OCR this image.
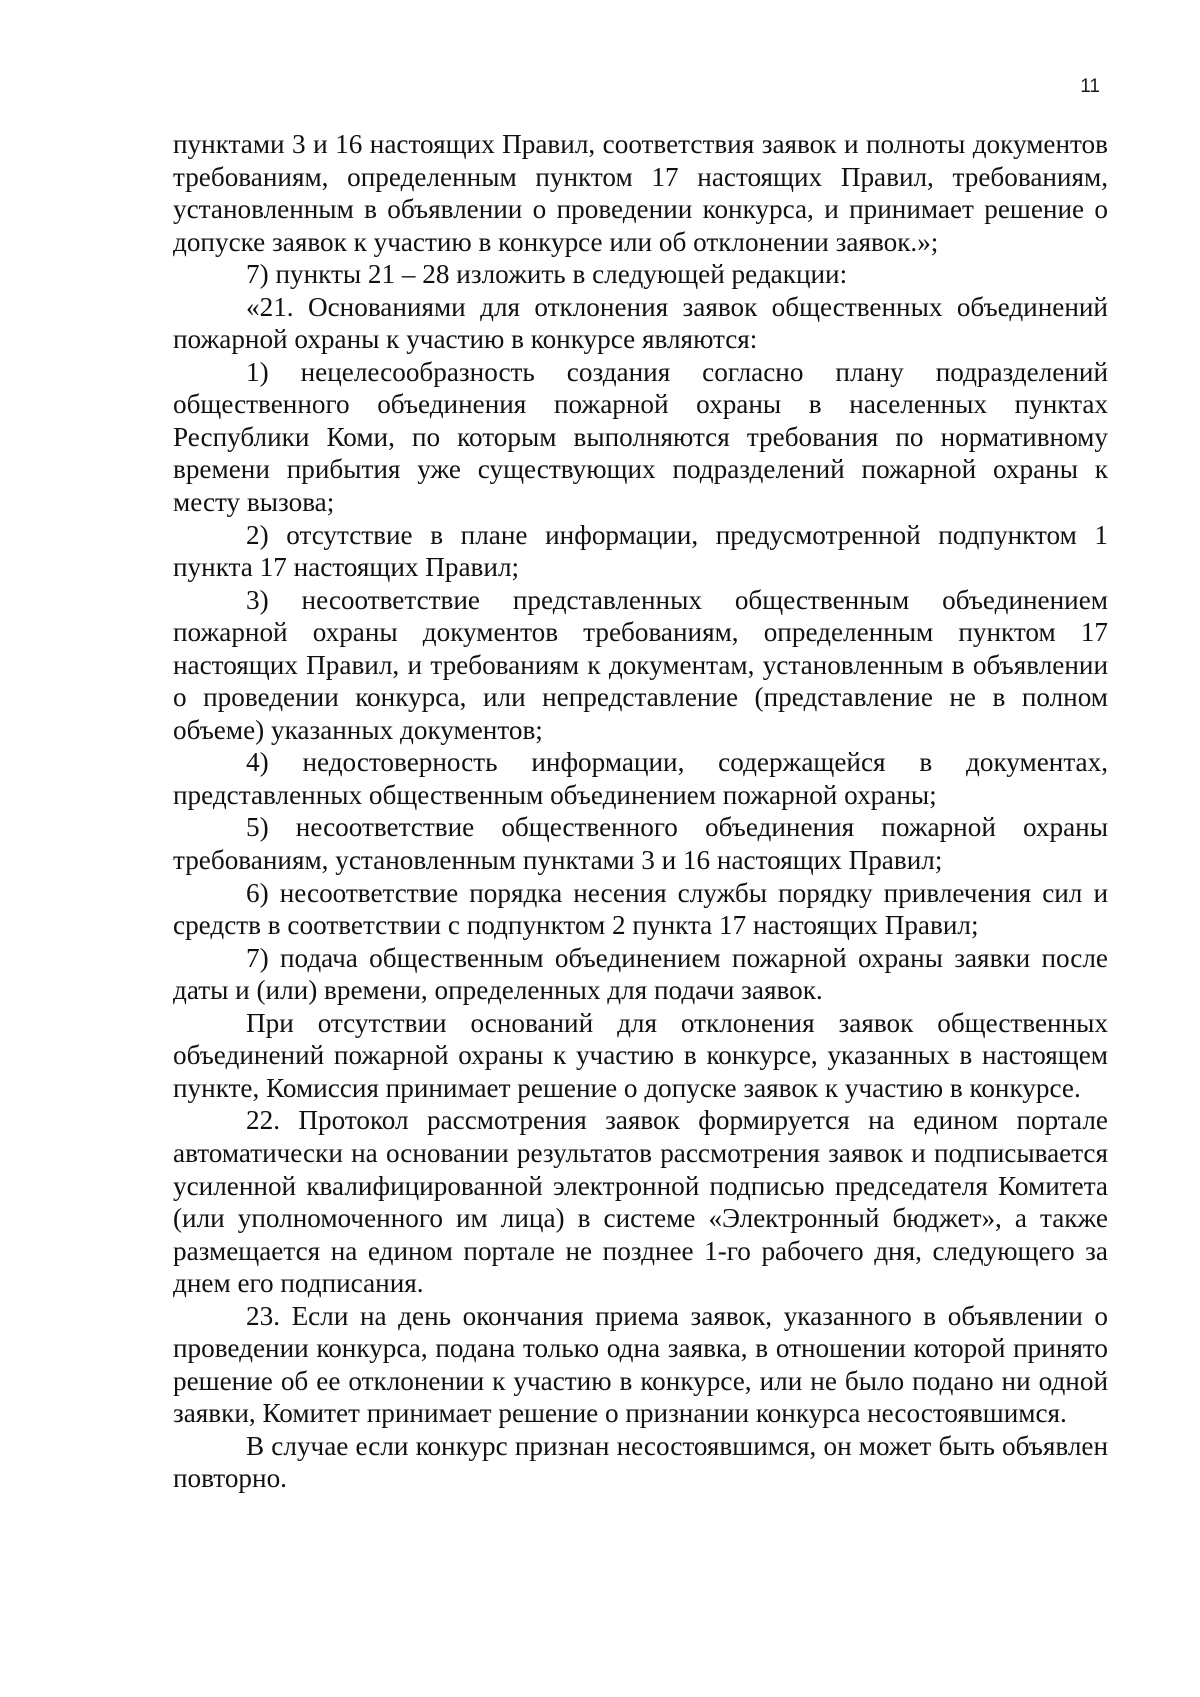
11

пунктами 3 и 16 настоящих Правил, соответствия заявок и полноты документов требованиям, определенным пунктом 17 настоящих Правил, требованиям, установленным в объявлении о проведении конкурса, и принимает решение о допуске заявок к участию в конкурсе или об отклонении заявок.»;

7) пункты 21 – 28 изложить в следующей редакции:

«21. Основаниями для отклонения заявок общественных объединений пожарной охраны к участию в конкурсе являются:

1) нецелесообразность создания согласно плану подразделений общественного объединения пожарной охраны в населенных пунктах Республики Коми, по которым выполняются требования по нормативному времени прибытия уже существующих подразделений пожарной охраны к месту вызова;

2) отсутствие в плане информации, предусмотренной подпунктом 1 пункта 17 настоящих Правил;

3) несоответствие представленных общественным объединением пожарной охраны документов требованиям, определенным пунктом 17 настоящих Правил, и требованиям к документам, установленным в объявлении о проведении конкурса, или непредставление (представление не в полном объеме) указанных документов;

4) недостоверность информации, содержащейся в документах, представленных общественным объединением пожарной охраны;

5) несоответствие общественного объединения пожарной охраны требованиям, установленным пунктами 3 и 16 настоящих Правил;

6) несоответствие порядка несения службы порядку привлечения сил и средств в соответствии с подпунктом 2 пункта 17 настоящих Правил;

7) подача общественным объединением пожарной охраны заявки после даты и (или) времени, определенных для подачи заявок.

При отсутствии оснований для отклонения заявок общественных объединений пожарной охраны к участию в конкурсе, указанных в настоящем пункте, Комиссия принимает решение о допуске заявок к участию в конкурсе.

22. Протокол рассмотрения заявок формируется на едином портале автоматически на основании результатов рассмотрения заявок и подписывается усиленной квалифицированной электронной подписью председателя Комитета (или уполномоченного им лица) в системе «Электронный бюджет», а также размещается на едином портале не позднее 1-го рабочего дня, следующего за днем его подписания.

23. Если на день окончания приема заявок, указанного в объявлении о проведении конкурса, подана только одна заявка, в отношении которой принято решение об ее отклонении к участию в конкурсе, или не было подано ни одной заявки, Комитет принимает решение о признании конкурса несостоявшимся.

В случае если конкурс признан несостоявшимся, он может быть объявлен повторно.
